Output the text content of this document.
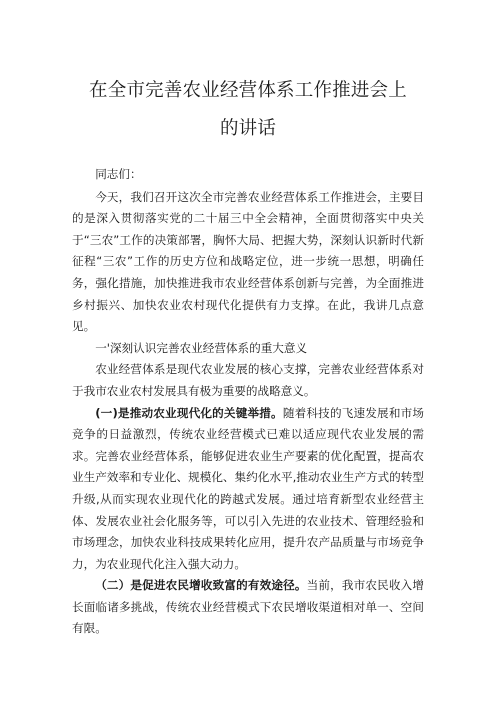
在全市完善农业经营体系工作推进会上
的讲话

同志们：

今天，我们召开这次全市完善农业经营体系工作推进会，主要目的是深入贯彻落实党的二十届三中全会精神，全面贯彻落实中央关于“三农”工作的决策部署，胸怀大局、把握大势，深刻认识新时代新征程“三农”工作的历史方位和战略定位，进一步统一思想，明确任务，强化措施，加快推进我市农业经营体系创新与完善，为全面推进乡村振兴、加快农业农村现代化提供有力支撑。在此，我讲几点意见。

一'深刻认识完善农业经营体系的重大意义

农业经营体系是现代农业发展的核心支撑，完善农业经营体系对于我市农业农村发展具有极为重要的战略意义。

(一)是推动农业现代化的关键举措。随着科技的飞速发展和市场竞争的日益激烈，传统农业经营模式已难以适应现代农业发展的需求。完善农业经营体系，能够促进农业生产要素的优化配置，提高农业生产效率和专业化、规模化、集约化水平,推动农业生产方式的转型升级,从而实现农业现代化的跨越式发展。通过培育新型农业经营主体、发展农业社会化服务等，可以引入先进的农业技术、管理经验和市场理念，加快农业科技成果转化应用，提升农产品质量与市场竞争力，为农业现代化注入强大动力。

（二）是促进农民增收致富的有效途径。当前，我市农民收入增长面临诸多挑战，传统农业经营模式下农民增收渠道相对单一、空间有限。
